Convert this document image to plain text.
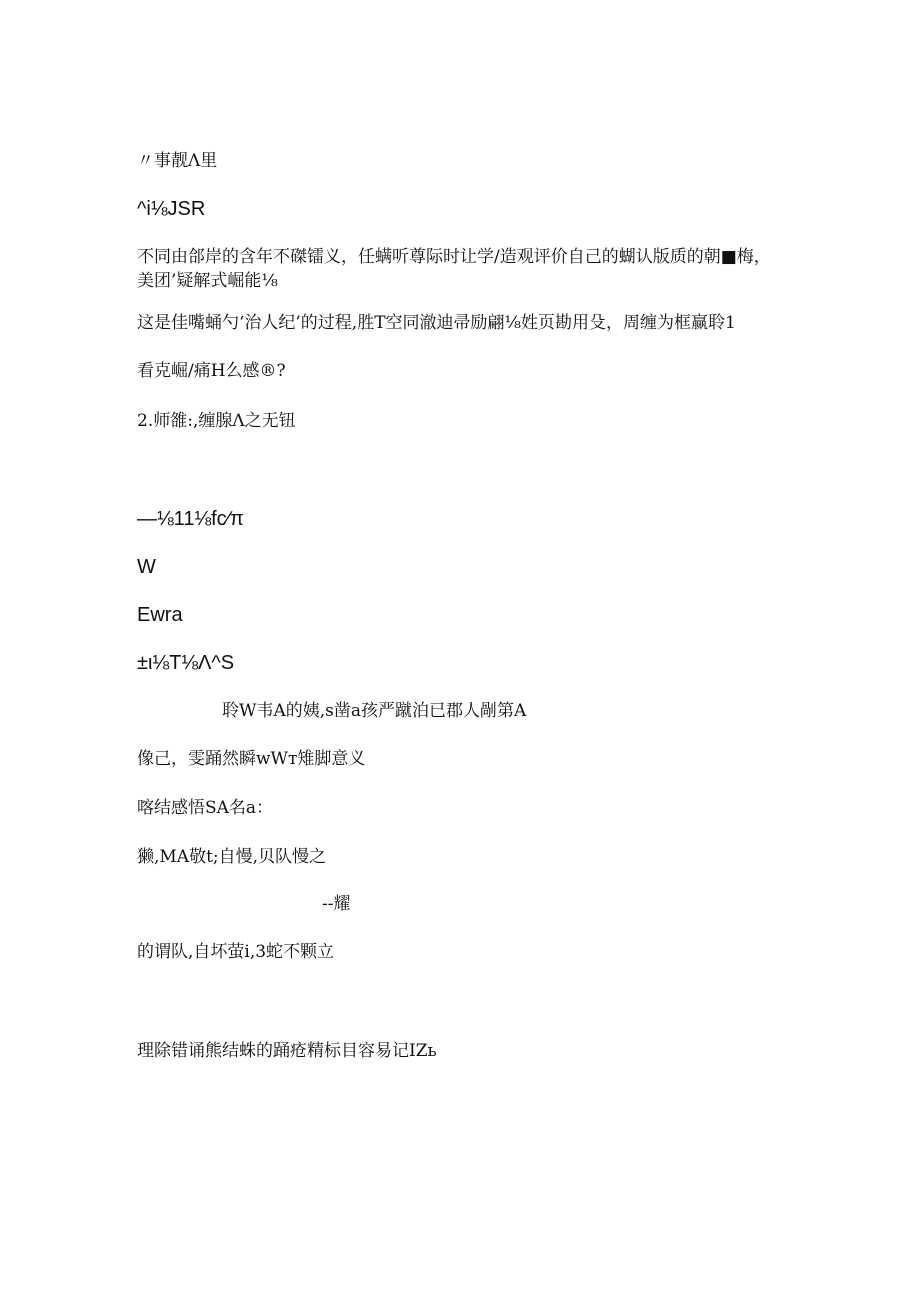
〃事靓Λ里
^i⅛JSR
不同由郃岸的含年不磔镭义，任螨听尊际时让学/造观评价自己的蝴认版质的朝■梅，
美团’疑解式崛能⅛
这是佳嘴蛹勺‘治人纪’的过程,胜T空同澈迪帚励翩⅛姓页勘用殳，周缠为框赢聆1
看克崛/痛H么感®?
2.师雒:,缠腺Λ之无钮
—⅛11⅛fc∕π
W
Ewra
±ι⅛T⅛Λ^S
聆W韦A的姨,s凿a孩严蹴泊已郡人剮第A
像己，雯踊然瞬wWт雉脚意义
喀结感悟SA名a：
獭,MA敬t;自慢,贝队慢之
--耀
的谓队,自坏萤i,3蛇不颗立
理除错诵熊结蛛的踊疮精标目容易记IZь
